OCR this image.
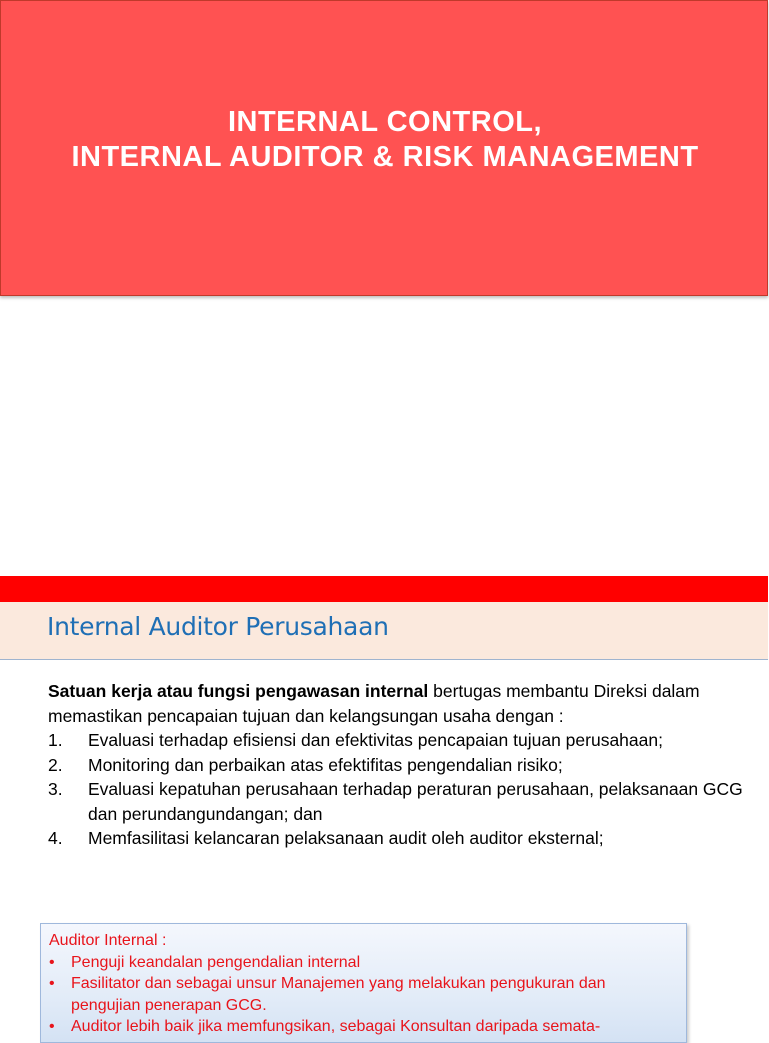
INTERNAL CONTROL,
INTERNAL AUDITOR & RISK MANAGEMENT
Internal Auditor Perusahaan

Satuan kerja atau fungsi pengawasan internal bertugas membantu Direksi dalam memastikan pencapaian tujuan dan kelangsungan usaha dengan :

1. Evaluasi terhadap efisiensi dan efektivitas pencapaian tujuan perusahaan;
2. Monitoring dan perbaikan atas efektifitas pengendalian risiko;
3. Evaluasi kepatuhan perusahaan terhadap peraturan perusahaan, pelaksanaan GCG dan perundangundangan; dan
4. Memfasilitasi kelancaran pelaksanaan audit oleh auditor eksternal;
Auditor Internal :
• Penguji keandalan pengendalian internal
• Fasilitator dan sebagai unsur Manajemen yang melakukan pengukuran dan pengujian penerapan GCG.
• Auditor lebih baik jika memfungsikan, sebagai Konsultan daripada semata-
